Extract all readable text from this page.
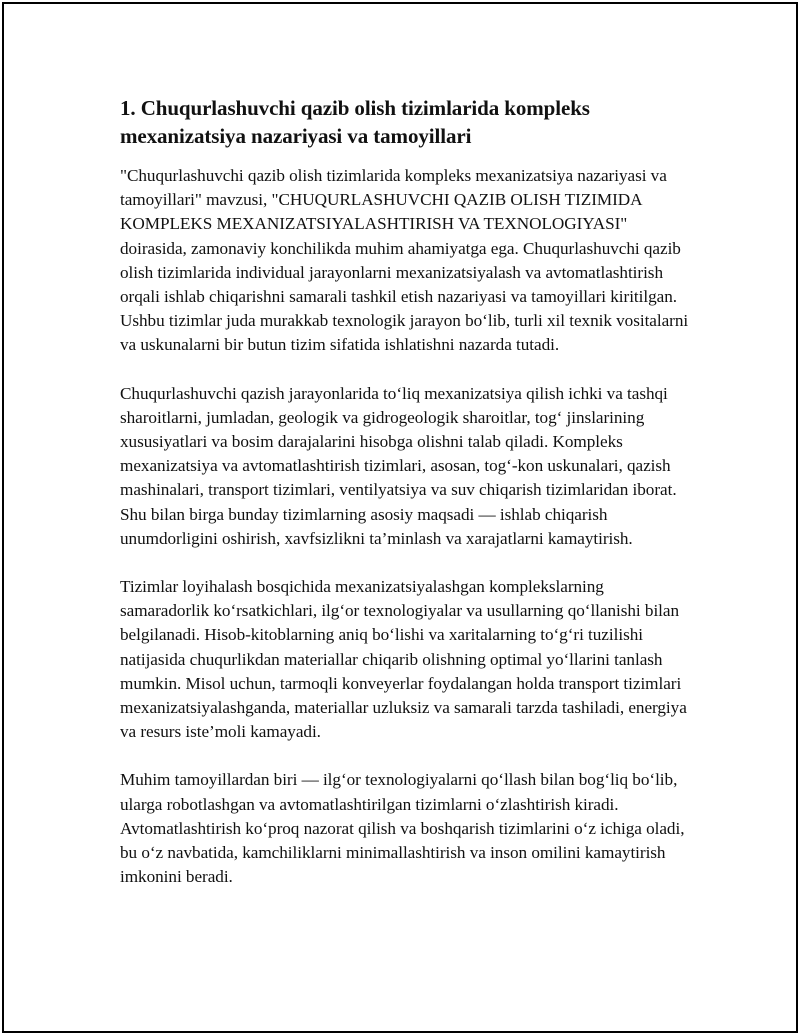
1. Chuqurlashuvchi qazib olish tizimlarida kompleks mexanizatsiya nazariyasi va tamoyillari

"Chuqurlashuvchi qazib olish tizimlarida kompleks mexanizatsiya nazariyasi va tamoyillari" mavzusi, "CHUQURLASHUVCHI QAZIB OLISH TIZIMIDA KOMPLEKS MEXANIZATSIYALASHTIRISH VA TEXNOLOGIYASI" doirasida, zamonaviy konchilikda muhim ahamiyatga ega. Chuqurlashuvchi qazib olish tizimlarida individual jarayonlarni mexanizatsiyalash va avtomatlashtirish orqali ishlab chiqarishni samarali tashkil etish nazariyasi va tamoyillari kiritilgan. Ushbu tizimlar juda murakkab texnologik jarayon bo‘lib, turli xil texnik vositalarni va uskunalarni bir butun tizim sifatida ishlatishni nazarda tutadi.

Chuqurlashuvchi qazish jarayonlarida to‘liq mexanizatsiya qilish ichki va tashqi sharoitlarni, jumladan, geologik va gidrogeologik sharoitlar, tog‘ jinslarining xususiyatlari va bosim darajalarini hisobga olishni talab qiladi. Kompleks mexanizatsiya va avtomatlashtirish tizimlari, asosan, tog‘-kon uskunalari, qazish mashinalari, transport tizimlari, ventilyatsiya va suv chiqarish tizimlaridan iborat. Shu bilan birga bunday tizimlarning asosiy maqsadi — ishlab chiqarish unumdorligini oshirish, xavfsizlikni ta’minlash va xarajatlarni kamaytirish.

Tizimlar loyihalash bosqichida mexanizatsiyalashgan komplekslarning samaradorlik ko‘rsatkichlari, ilg‘or texnologiyalar va usullarning qo‘llanishi bilan belgilanadi. Hisob-kitoblarning aniq bo‘lishi va xaritalarning to‘g‘ri tuzilishi natijasida chuqurlikdan materiallar chiqarib olishning optimal yo‘llarini tanlash mumkin. Misol uchun, tarmoqli konveyerlar foydalangan holda transport tizimlari mexanizatsiyalashganda, materiallar uzluksiz va samarali tarzda tashiladi, energiya va resurs iste’moli kamayadi.

Muhim tamoyillardan biri — ilg‘or texnologiyalarni qo‘llash bilan bog‘liq bo‘lib, ularga robotlashgan va avtomatlashtirilgan tizimlarni o‘zlashtirish kiradi. Avtomatlashtirish ko‘proq nazorat qilish va boshqarish tizimlarini o‘z ichiga oladi, bu o‘z navbatida, kamchiliklarni minimallashtirish va inson omilini kamaytirish imkonini beradi.
